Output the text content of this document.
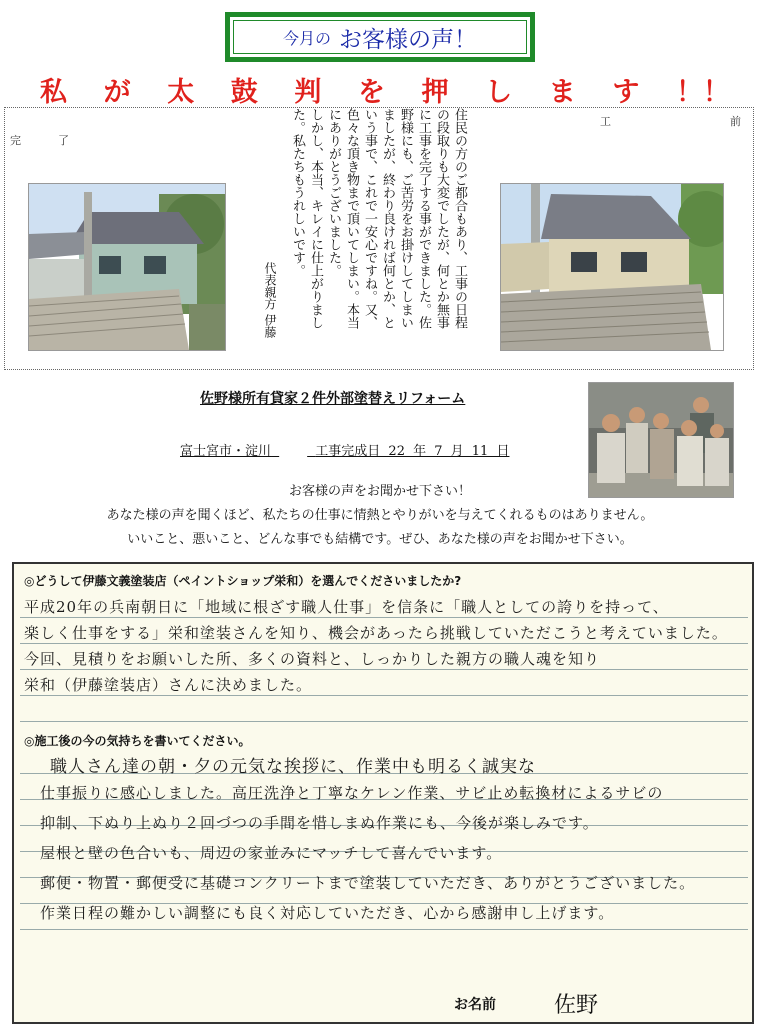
今月の お客様の声！
私 が 太 鼓 判 を 押 し ま す ！！
完	了
工	前

住民の方のご都合もあり、工事の日程の段取りも大変でしたが、何とか無事に工事を完了する事ができました。佐野様にも、ご苦労をお掛けしてしまいましたが、終わり良ければ何とか、という事で、これで一安心ですね。又、色々な頂き物まで頂いてしまい。本当にありがとうございました。

しかし、本当、キレイに仕上がりました。私たちもうれしいです。

代表親方 伊藤
佐野様所有貸家２件外部塗替えリフォーム
富士宮市・淀川	工事完成日 22 年 7 月 11 日
お客様の声をお聞かせ下さい！
あなた様の声を聞くほど、私たちの仕事に情熱とやりがいを与えてくれるものはありません。
いいこと、悪いこと、どんな事でも結構です。ぜひ、あなた様の声をお聞かせ下さい。
◎どうして伊藤文義塗装店（ペイントショップ栄和）を選んでくださいましたか?
平成20年の兵南朝日に「地域に根ざす職人仕事」を信条に「職人としての誇りを持って、
楽しく仕事をする」栄和塗装さんを知り、機会があったら挑戦していただこうと考えていました。
今回、見積りをお願いした所、多くの資料と、しっかりした親方の職人魂を知り
栄和（伊藤塗装店）さんに決めました。
◎施工後の今の気持ちを書いてください。
職人さん達の朝・夕の元気な挨拶に、作業中も明るく誠実な
仕事振りに感心しました。高圧洗浄と丁寧なケレン作業、サビ止め転換材によるサビの
抑制、下ぬり上ぬり２回づつの手間を惜しまぬ作業にも、今後が楽しみです。
屋根と壁の色合いも、周辺の家並みにマッチして喜んでいます。
郵便・物置・郵便受に基礎コンクリートまで塗装していただき、ありがとうございました。
作業日程の難かしい調整にも良く対応していただき、心から感謝申し上げます。
お名前	佐野
